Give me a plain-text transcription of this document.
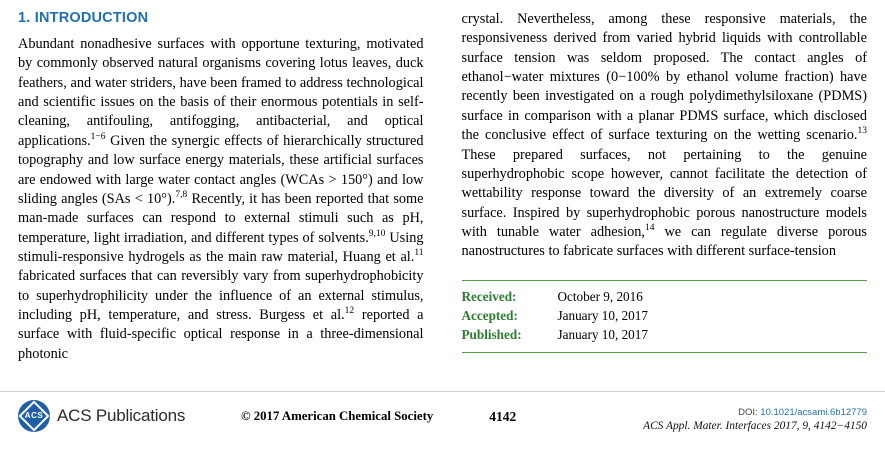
1. INTRODUCTION

Abundant nonadhesive surfaces with opportune texturing, motivated by commonly observed natural organisms covering lotus leaves, duck feathers, and water striders, have been framed to address technological and scientific issues on the basis of their enormous potentials in self-cleaning, antifouling, antifogging, antibacterial, and optical applications.$^{1-6}$ Given the synergic effects of hierarchically structured topography and low surface energy materials, these artificial surfaces are endowed with large water contact angles (WCAs > 150°) and low sliding angles (SAs < 10°).$^{7,8}$ Recently, it has been reported that some man-made surfaces can respond to external stimuli such as pH, temperature, light irradiation, and different types of solvents.$^{9,10}$ Using stimuli-responsive hydrogels as the main raw material, Huang et al.$^{11}$ fabricated surfaces that can reversibly vary from superhydrophobicity to superhydrophilicity under the influence of an external stimulus, including pH, temperature, and stress. Burgess et al.$^{12}$ reported a surface with fluid-specific optical response in a three-dimensional photonic

crystal. Nevertheless, among these responsive materials, the responsiveness derived from varied hybrid liquids with controllable surface tension was seldom proposed. The contact angles of ethanol−water mixtures (0−100% by ethanol volume fraction) have recently been investigated on a rough polydimethylsiloxane (PDMS) surface in comparison with a planar PDMS surface, which disclosed the conclusive effect of surface texturing on the wetting scenario.$^{13}$ These prepared surfaces, not pertaining to the genuine superhydrophobic scope however, cannot facilitate the detection of wettability response toward the diversity of an extremely coarse surface. Inspired by superhydrophobic porous nanostructure models with tunable water adhesion,$^{14}$ we can regulate diverse porous nanostructures to fabricate surfaces with different surface-tension

Received:	October 9, 2016
Accepted:	January 10, 2017
Published:	January 10, 2017
ACS ACS Publications	© 2017 American Chemical Society	4142	DOI: 10.1021/acsami.6b12779
ACS Appl. Mater. Interfaces 2017, 9, 4142−4150
